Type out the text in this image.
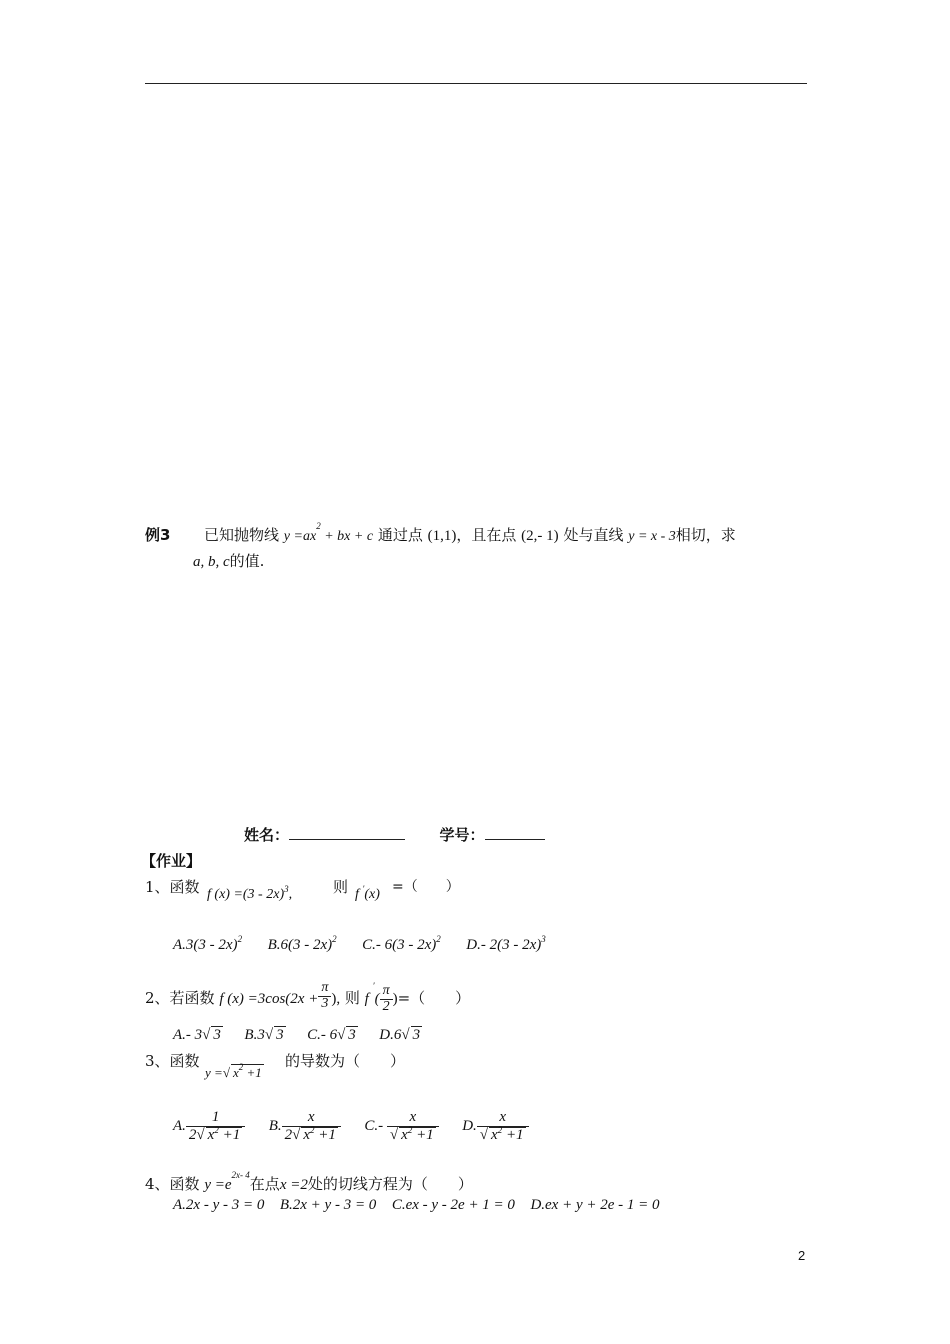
例3 已知抛物线 $y =ax^2$ + bx + c 通过点 (1,1)，且在点 (2,- 1) 处与直线 y = x - 3相切，求
a, b, c的值.
姓名：	学号：
【作业】
1、函数 f (x) =(3 - 2x)$^3$,	则 f ′(x) =（　　）
A.3(3 - 2x)$^2$ B.6(3 - 2x)$^2$ C.- 6(3 - 2x)$^2$ D.- 2(3 - 2x)$^3$
2、若函数 f $(x) =3\cos(2x + \frac{\pi}{3}$ ), 则 f $'( \frac{\pi}{2}$ )=（　　）
A.- 3√ 3 B.3√ 3 C.- 6√ 3 D.6√ 3
3、函数
y =√ $x^2 +1$
的导数为（　　）
A. $\frac{1}{2√ x^2 +1} B$. $\frac{x}{2√ x^2 +1} C.- \frac{x}{√ x^2 +1} D$. $\frac{x}{√ x^2 +1}$
4、函数 $y =e^{2x- 4}$在点x =2处的切线方程为（　　）
A.2x - y - 3 = 0 B.2x + y - 3 = 0 C.ex - y - 2e + 1 = 0 D.ex + y + 2e - 1 = 0
2
